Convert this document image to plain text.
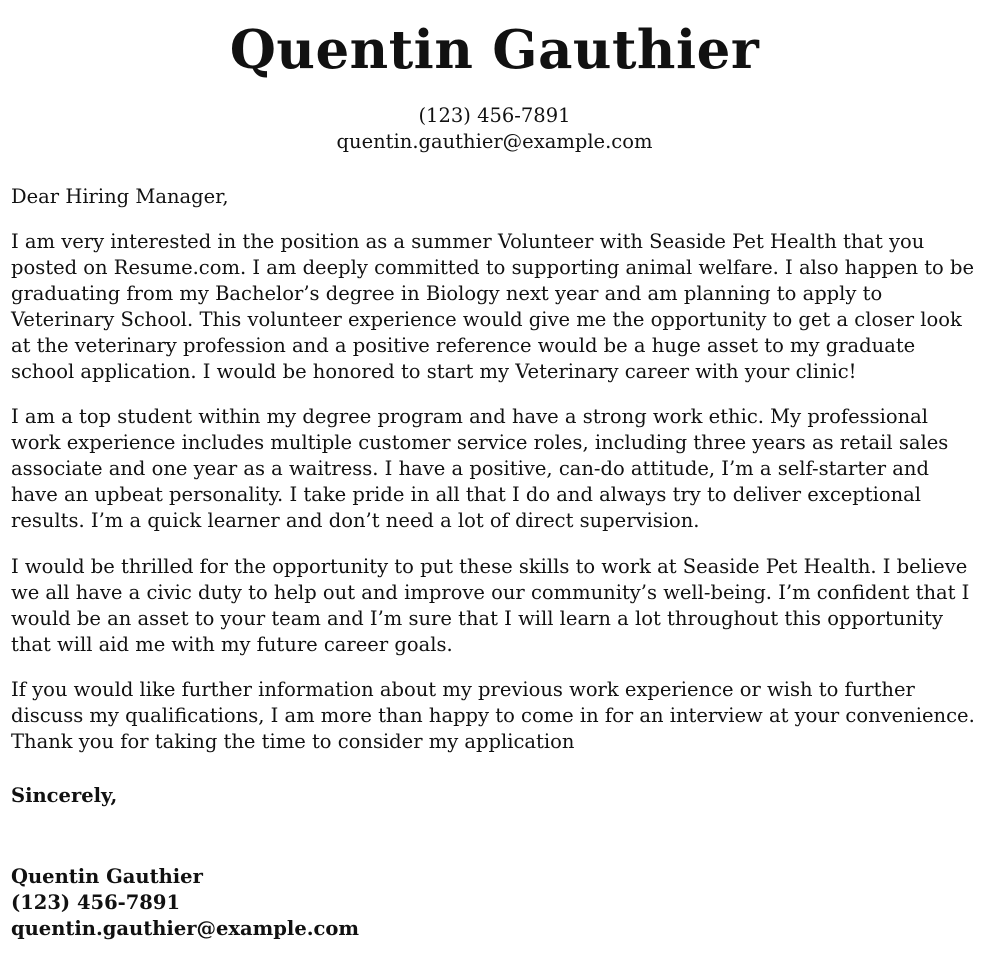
Quentin Gauthier
(123) 456-7891
quentin.gauthier@example.com
Dear Hiring Manager,

I am very interested in the position as a summer Volunteer with Seaside Pet Health that you posted on Resume.com. I am deeply committed to supporting animal welfare. I also happen to be graduating from my Bachelor’s degree in Biology next year and am planning to apply to Veterinary School. This volunteer experience would give me the opportunity to get a closer look at the veterinary profession and a positive reference would be a huge asset to my graduate school application. I would be honored to start my Veterinary career with your clinic!

I am a top student within my degree program and have a strong work ethic. My professional work experience includes multiple customer service roles, including three years as retail sales associate and one year as a waitress. I have a positive, can-do attitude, I’m a self-starter and have an upbeat personality. I take pride in all that I do and always try to deliver exceptional results. I’m a quick learner and don’t need a lot of direct supervision.

I would be thrilled for the opportunity to put these skills to work at Seaside Pet Health. I believe we all have a civic duty to help out and improve our community’s well-being. I’m confident that I would be an asset to your team and I’m sure that I will learn a lot throughout this opportunity that will aid me with my future career goals.

If you would like further information about my previous work experience or wish to further discuss my qualifications, I am more than happy to come in for an interview at your convenience. Thank you for taking the time to consider my application

Sincerely,
Quentin Gauthier
(123) 456-7891
quentin.gauthier@example.com
